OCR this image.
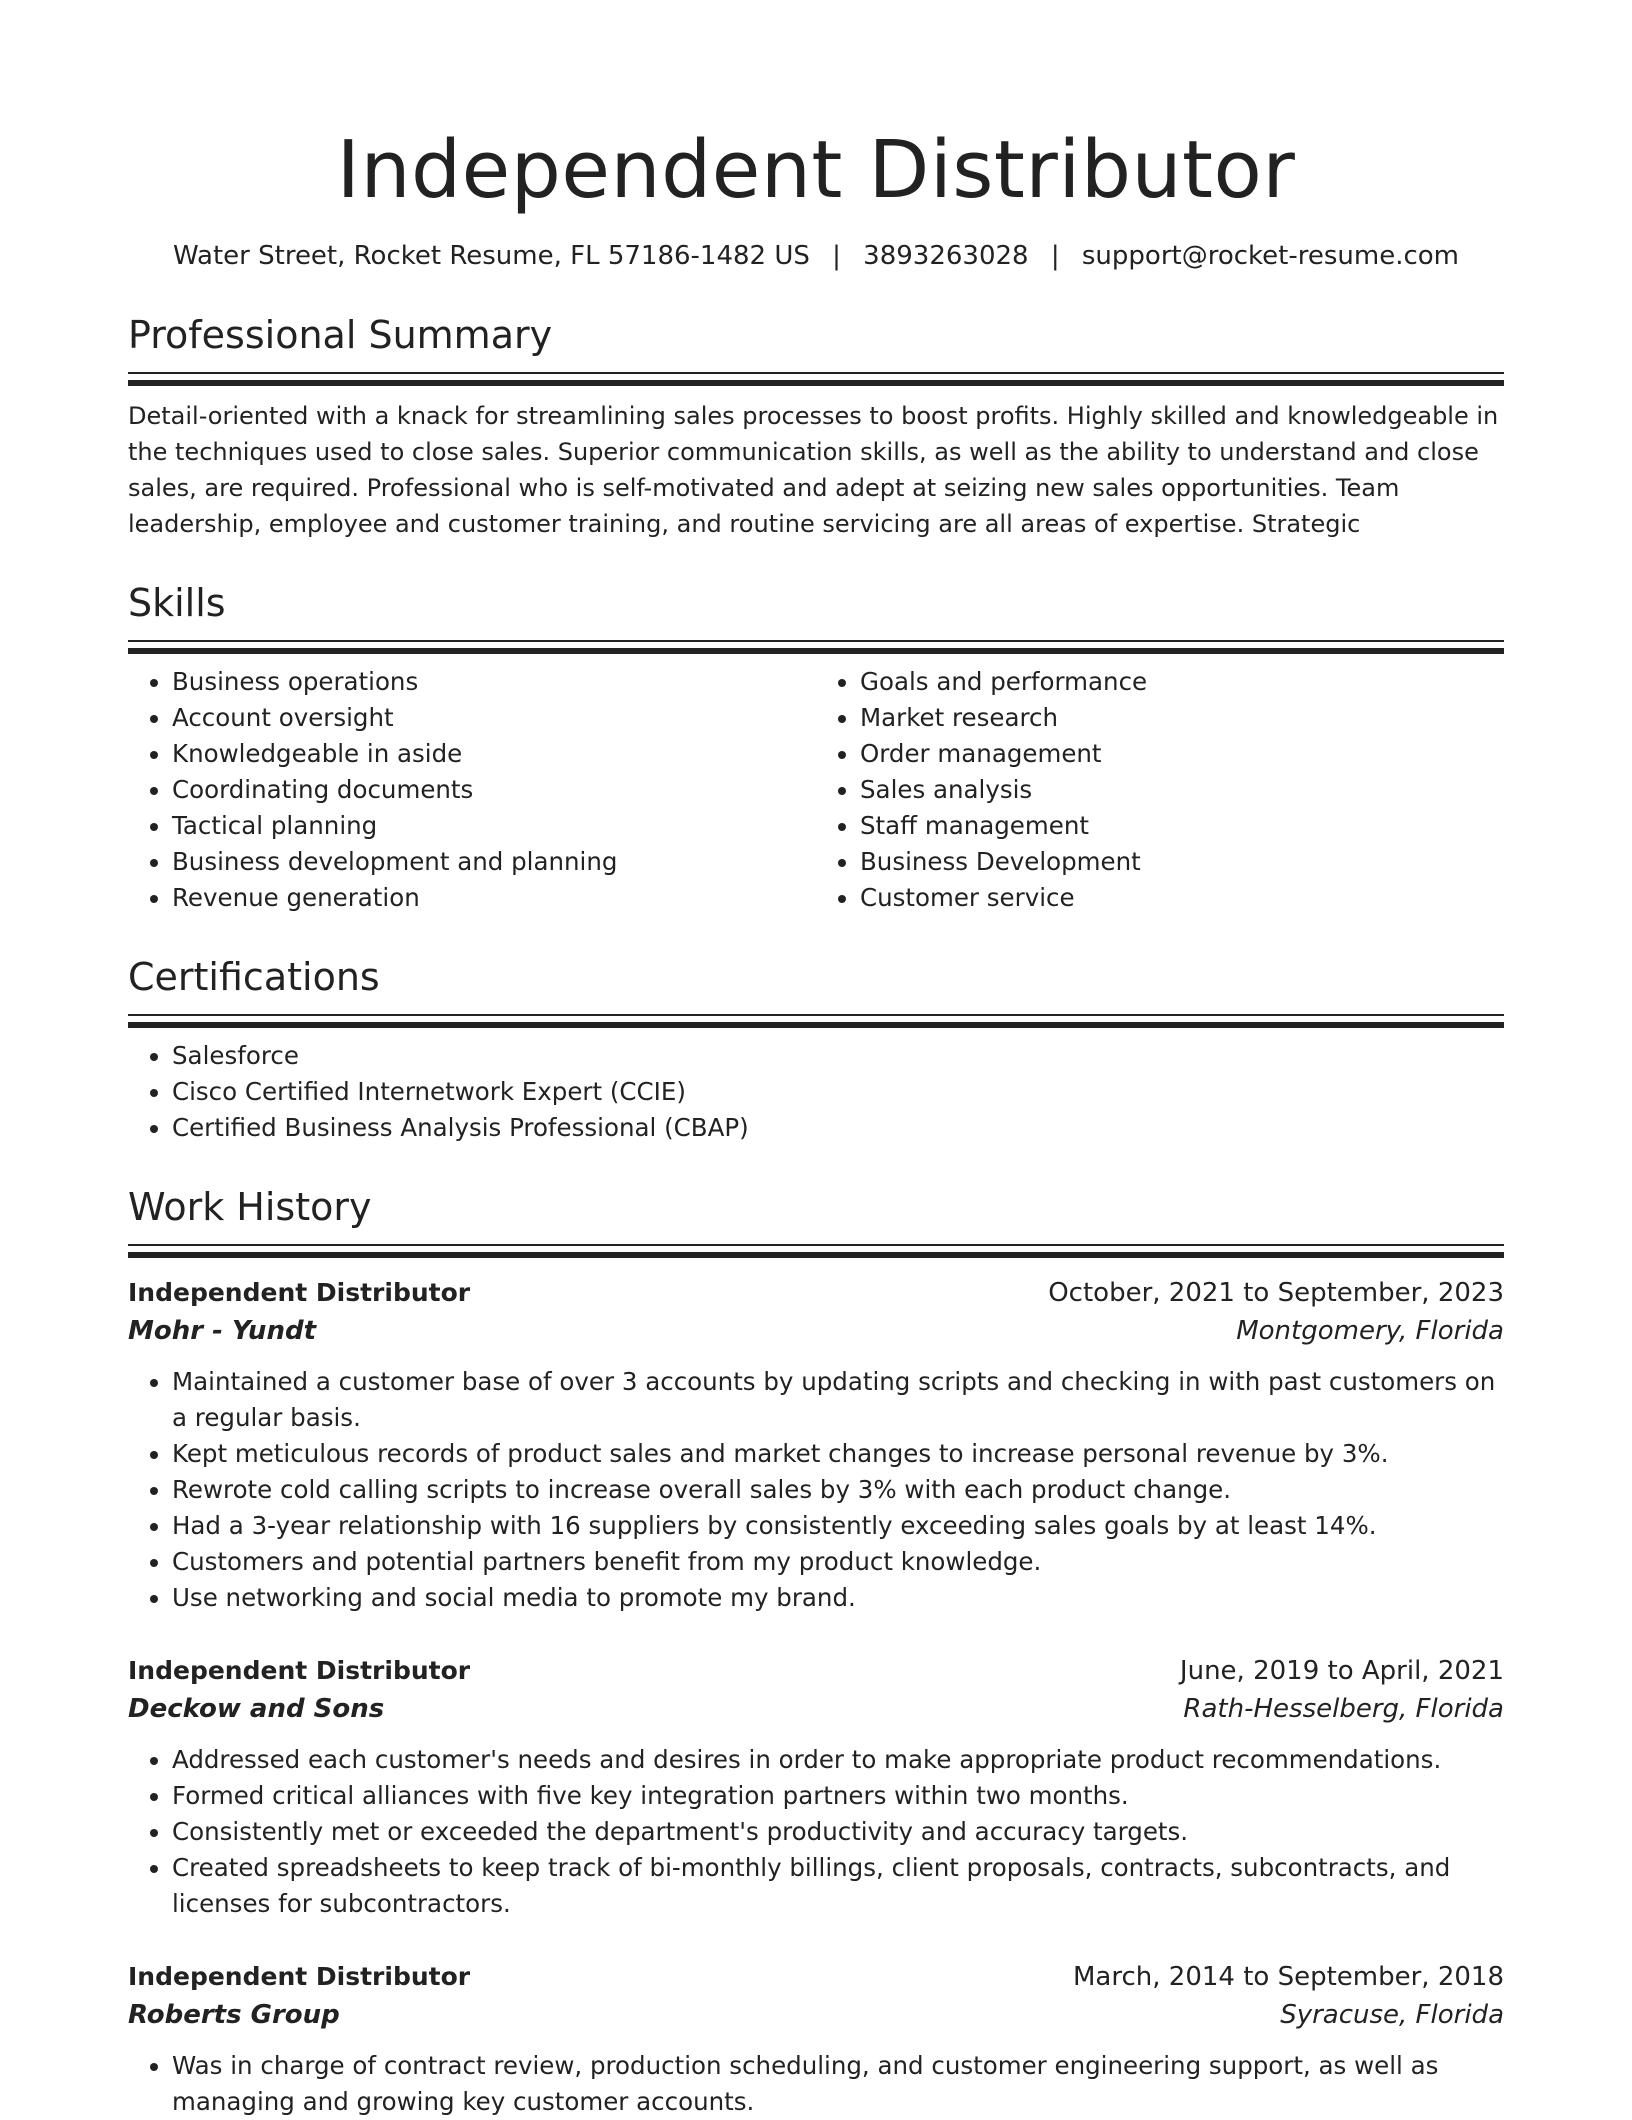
Independent Distributor
Water Street, Rocket Resume, FL 57186-1482 US | 3893263028 | support@rocket-resume.com
Professional Summary
Detail-oriented with a knack for streamlining sales processes to boost profits. Highly skilled and knowledgeable in the techniques used to close sales. Superior communication skills, as well as the ability to understand and close sales, are required. Professional who is self-motivated and adept at seizing new sales opportunities. Team leadership, employee and customer training, and routine servicing are all areas of expertise. Strategic
Skills
• Business operations
• Account oversight
• Knowledgeable in aside
• Coordinating documents
• Tactical planning
• Business development and planning
• Revenue generation
• Goals and performance
• Market research
• Order management
• Sales analysis
• Staff management
• Business Development
• Customer service
Certifications
• Salesforce
• Cisco Certified Internetwork Expert (CCIE)
• Certified Business Analysis Professional (CBAP)
Work History
Independent Distributor	October, 2021 to September, 2023
Mohr - Yundt	Montgomery, Florida
• Maintained a customer base of over 3 accounts by updating scripts and checking in with past customers on a regular basis.
• Kept meticulous records of product sales and market changes to increase personal revenue by 3%.
• Rewrote cold calling scripts to increase overall sales by 3% with each product change.
• Had a 3-year relationship with 16 suppliers by consistently exceeding sales goals by at least 14%.
• Customers and potential partners benefit from my product knowledge.
• Use networking and social media to promote my brand.
Independent Distributor	June, 2019 to April, 2021
Deckow and Sons	Rath-Hesselberg, Florida
• Addressed each customer's needs and desires in order to make appropriate product recommendations.
• Formed critical alliances with five key integration partners within two months.
• Consistently met or exceeded the department's productivity and accuracy targets.
• Created spreadsheets to keep track of bi-monthly billings, client proposals, contracts, subcontracts, and licenses for subcontractors.
Independent Distributor	March, 2014 to September, 2018
Roberts Group	Syracuse, Florida
• Was in charge of contract review, production scheduling, and customer engineering support, as well as managing and growing key customer accounts.
